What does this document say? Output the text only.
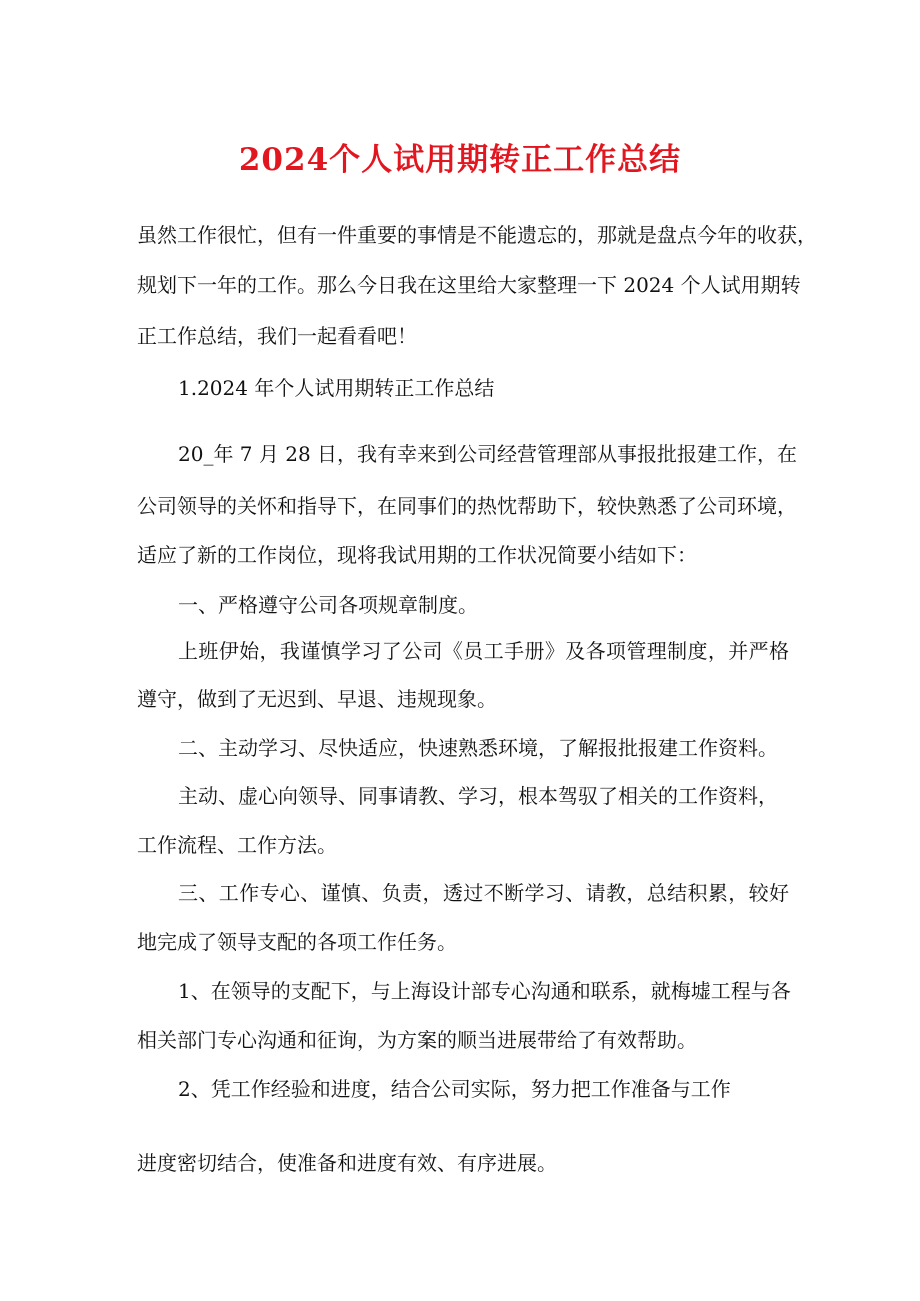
2024个人试用期转正工作总结
虽然工作很忙，但有一件重要的事情是不能遗忘的，那就是盘点今年的收获，
规划下一年的工作。那么今日我在这里给大家整理一下 2024 个人试用期转
正工作总结，我们一起看看吧！
1.2024 年个人试用期转正工作总结
20_年 7 月 28 日，我有幸来到公司经营管理部从事报批报建工作，在
公司领导的关怀和指导下，在同事们的热忱帮助下，较快熟悉了公司环境，
适应了新的工作岗位，现将我试用期的工作状况简要小结如下：
一、严格遵守公司各项规章制度。
上班伊始，我谨慎学习了公司《员工手册》及各项管理制度，并严格
遵守，做到了无迟到、早退、违规现象。
二、主动学习、尽快适应，快速熟悉环境，了解报批报建工作资料。
主动、虚心向领导、同事请教、学习，根本驾驭了相关的工作资料，
工作流程、工作方法。
三、工作专心、谨慎、负责，透过不断学习、请教，总结积累，较好
地完成了领导支配的各项工作任务。
1、在领导的支配下，与上海设计部专心沟通和联系，就梅墟工程与各
相关部门专心沟通和征询，为方案的顺当进展带给了有效帮助。
2、凭工作经验和进度，结合公司实际，努力把工作准备与工作
进度密切结合，使准备和进度有效、有序进展。
